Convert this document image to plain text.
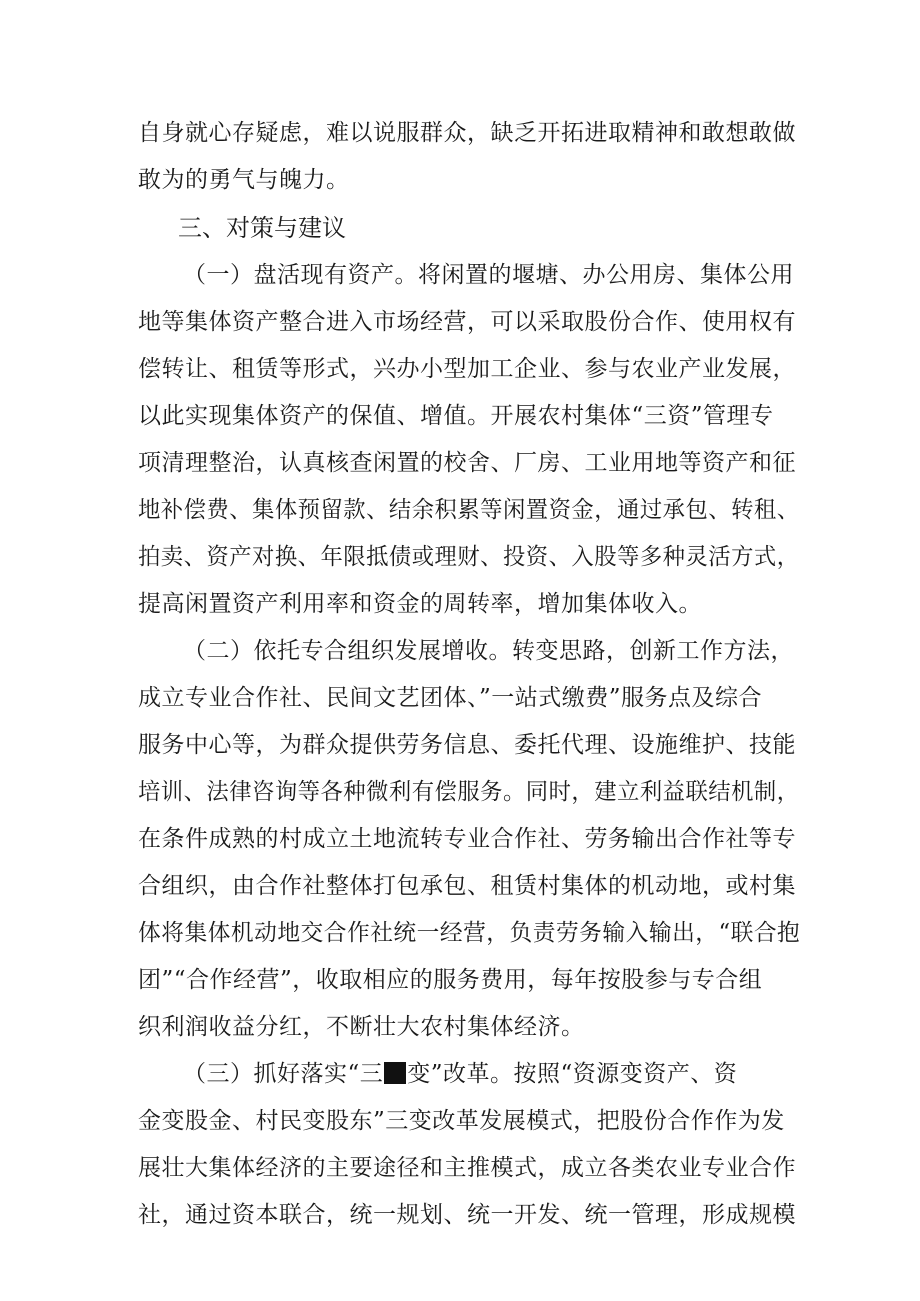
自身就心存疑虑，难以说服群众，缺乏开拓进取精神和敢想敢做
敢为的勇气与魄力。
三、对策与建议
（一）盘活现有资产。将闲置的堰塘、办公用房、集体公用
地等集体资产整合进入市场经营，可以采取股份合作、使用权有
偿转让、租赁等形式，兴办小型加工企业、参与农业产业发展，
以此实现集体资产的保值、增值。开展农村集体“三资”管理专
项清理整治，认真核查闲置的校舍、厂房、工业用地等资产和征
地补偿费、集体预留款、结余积累等闲置资金，通过承包、转租、
拍卖、资产对换、年限抵债或理财、投资、入股等多种灵活方式，
提高闲置资产利用率和资金的周转率，增加集体收入。
（二）依托专合组织发展增收。转变思路，创新工作方法，
成立专业合作社、民间文艺团体、”一站式缴费”服务点及综合
服务中心等，为群众提供劳务信息、委托代理、设施维护、技能
培训、法律咨询等各种微利有偿服务。同时，建立利益联结机制，
在条件成熟的村成立土地流转专业合作社、劳务输出合作社等专
合组织，由合作社整体打包承包、租赁村集体的机动地，或村集
体将集体机动地交合作社统一经营，负责劳务输入输出，“联合抱
团”“合作经营”，收取相应的服务费用，每年按股参与专合组
织利润收益分红，不断壮大农村集体经济。
（三）抓好落实“三 变”改革。按照“资源变资产、资
金变股金、村民变股东”三变改革发展模式，把股份合作作为发
展壮大集体经济的主要途径和主推模式，成立各类农业专业合作
社，通过资本联合，统一规划、统一开发、统一管理，形成规模
